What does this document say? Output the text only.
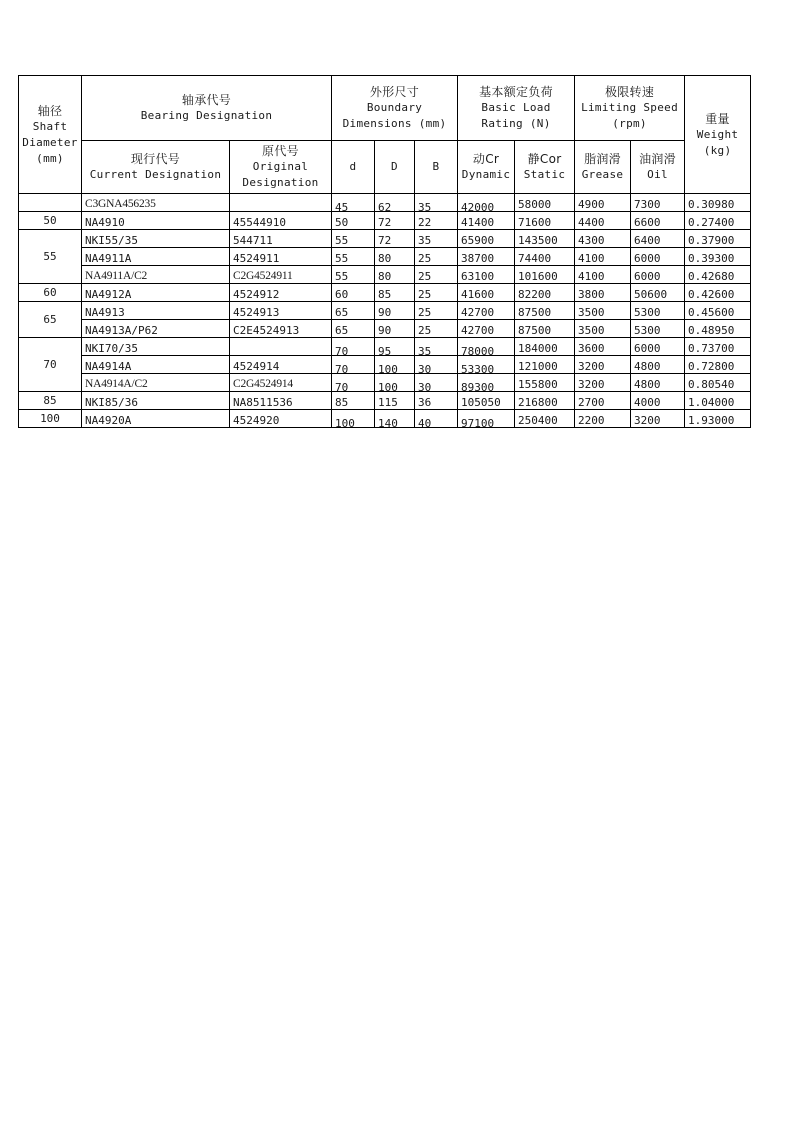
轴径
Shaft
Diameter
(mm)	轴承代号
Bearing Designation		外形尺寸
Boundary
Dimensions (mm)			基本额定负荷
Basic Load
Rating (N)		极限转速
Limiting Speed
(rpm)		重量
Weight
(kg)

	现行代号
Current Designation	原代号
Original
Designation	d	D	B	动Cr
Dynamic	静Cor
Static	脂润滑
Grease	油润滑
Oil	

	C3GNA456235		45	62	35	42000	58000	4900	7300	0.30980
50	NA4910	45544910	50	72	22	41400	71600	4400	6600	0.27400
55	NKI55/35	544711	55	72	35	65900	143500	4300	6400	0.37900
	NA4911A	4524911	55	80	25	38700	74400	4100	6000	0.39300
	NA4911A/C2	C2G4524911	55	80	25	63100	101600	4100	6000	0.42680
60	NA4912A	4524912	60	85	25	41600	82200	3800	50600	0.42600
65	NA4913	4524913	65	90	25	42700	87500	3500	5300	0.45600
	NA4913A/P62	C2E4524913	65	90	25	42700	87500	3500	5300	0.48950
70	NKI70/35		70	95	35	78000	184000	3600	6000	0.73700
	NA4914A	4524914	70	100	30	53300	121000	3200	4800	0.72800
	NA4914A/C2	C2G4524914	70	100	30	89300	155800	3200	4800	0.80540
85	NKI85/36	NA8511536	85	115	36	105050	216800	2700	4000	1.04000
100	NA4920A	4524920	100	140	40	97100	250400	2200	3200	1.93000
